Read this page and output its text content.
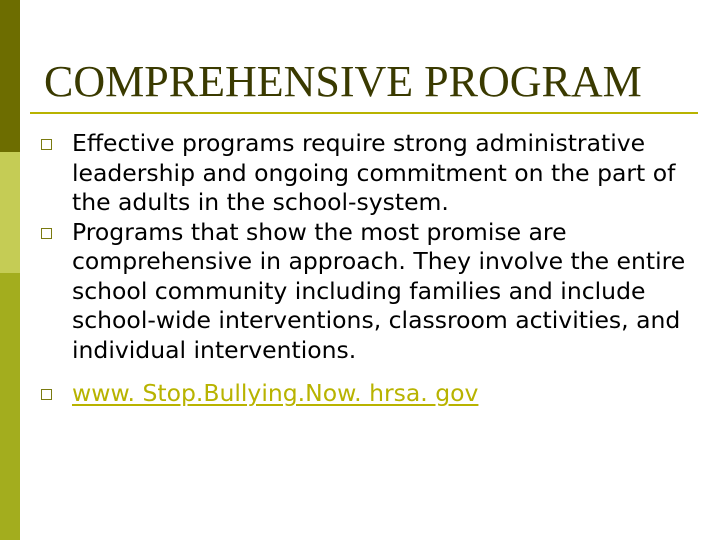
COMPREHENSIVE PROGRAM
Effective programs require strong administrative leadership and ongoing commitment on the part of the adults in the school-system.
Programs that show the most promise are comprehensive in approach. They involve the entire school community including families and include school-wide interventions, classroom activities, and individual interventions.
www. Stop.Bullying.Now. hrsa. gov
